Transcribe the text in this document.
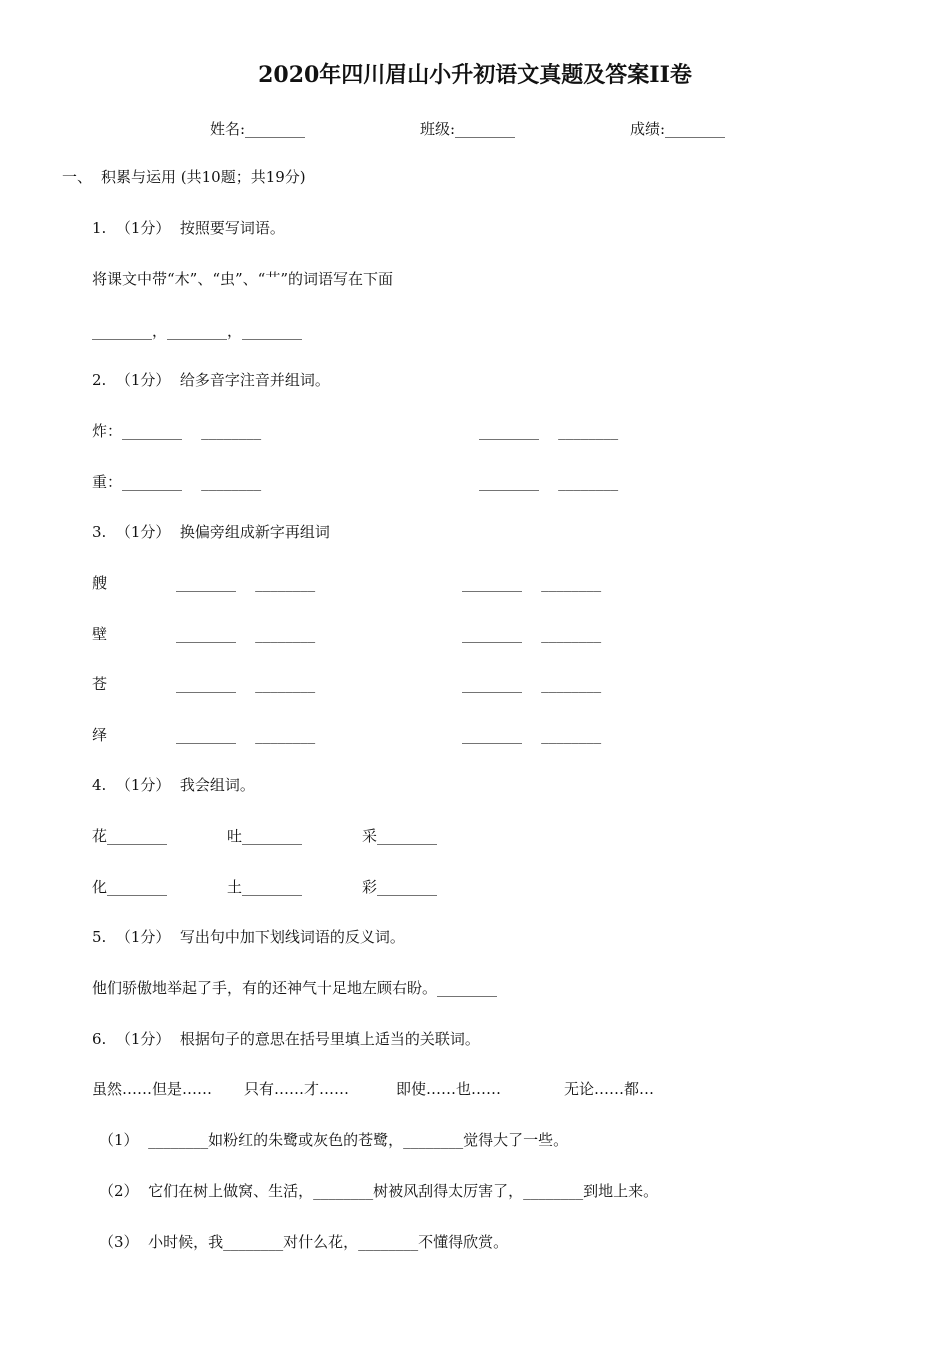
2020年四川眉山小升初语文真题及答案II卷
姓名:________	班级:________	成绩:________
一、 积累与运用 (共10题；共19分)
1.  （1分）  按照要写词语。
将课文中带“木”、“虫”、“艹”的词语写在下面
________，________，________
2.  （1分）  给多音字注音并组词。
炸：________    ________	________    ________
重：________    ________	________    ________
3.  （1分）  换偏旁组成新字再组词
艘	________    ________	________    ________
壁	________    ________	________    ________
苍	________    ________	________    ________
绎	________    ________	________    ________
4.  （1分）  我会组词。
花________	吐________	采________
化________	土________	彩________
5.  （1分）  写出句中加下划线词语的反义词。
他们骄傲地举起了手，有的还神气十足地左顾右盼。________
6.  （1分）  根据句子的意思在括号里填上适当的关联词。
虽然……但是…… 只有……才……	即使……也……	无论……都…
（1）  ________如粉红的朱鹭或灰色的苍鹭，________觉得大了一些。
（2）  它们在树上做窝、生活，________树被风刮得太厉害了，________到地上来。
（3）  小时候，我________对什么花，________不懂得欣赏。
